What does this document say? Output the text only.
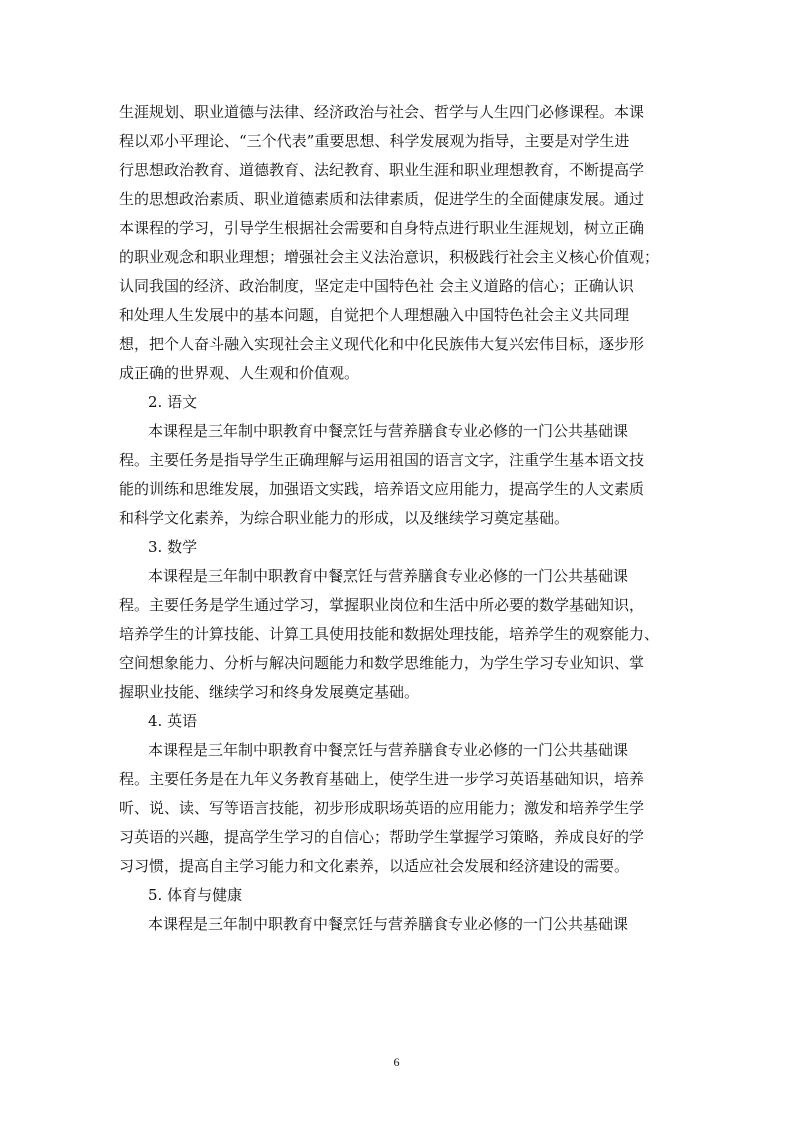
生涯规划、职业道德与法律、经济政治与社会、哲学与人生四门必修课程。本课
程以邓小平理论、“三个代表”重要思想、科学发展观为指导，主要是对学生进
行思想政治教育、道德教育、法纪教育、职业生涯和职业理想教育，不断提高学
生的思想政治素质、职业道德素质和法律素质，促进学生的全面健康发展。通过
本课程的学习，引导学生根据社会需要和自身特点进行职业生涯规划，树立正确
的职业观念和职业理想；增强社会主义法治意识，积极践行社会主义核心价值观；
认同我国的经济、政治制度，坚定走中国特色社 会主义道路的信心；正确认识
和处理人生发展中的基本问题，自觉把个人理想融入中国特色社会主义共同理
想，把个人奋斗融入实现社会主义现代化和中化民族伟大复兴宏伟目标，逐步形
成正确的世界观、人生观和价值观。
2. 语文
本课程是三年制中职教育中餐烹饪与营养膳食专业必修的一门公共基础课
程。主要任务是指导学生正确理解与运用祖国的语言文字，注重学生基本语文技
能的训练和思维发展，加强语文实践，培养语文应用能力，提高学生的人文素质
和科学文化素养，为综合职业能力的形成，以及继续学习奠定基础。
3. 数学
本课程是三年制中职教育中餐烹饪与营养膳食专业必修的一门公共基础课
程。主要任务是学生通过学习，掌握职业岗位和生活中所必要的数学基础知识，
培养学生的计算技能、计算工具使用技能和数据处理技能，培养学生的观察能力、
空间想象能力、分析与解决问题能力和数学思维能力，为学生学习专业知识、掌
握职业技能、继续学习和终身发展奠定基础。
4. 英语
本课程是三年制中职教育中餐烹饪与营养膳食专业必修的一门公共基础课
程。主要任务是在九年义务教育基础上，使学生进一步学习英语基础知识，培养
听、说、读、写等语言技能，初步形成职场英语的应用能力；激发和培养学生学
习英语的兴趣，提高学生学习的自信心；帮助学生掌握学习策略，养成良好的学
习习惯，提高自主学习能力和文化素养，以适应社会发展和经济建设的需要。
5. 体育与健康
本课程是三年制中职教育中餐烹饪与营养膳食专业必修的一门公共基础课
6
